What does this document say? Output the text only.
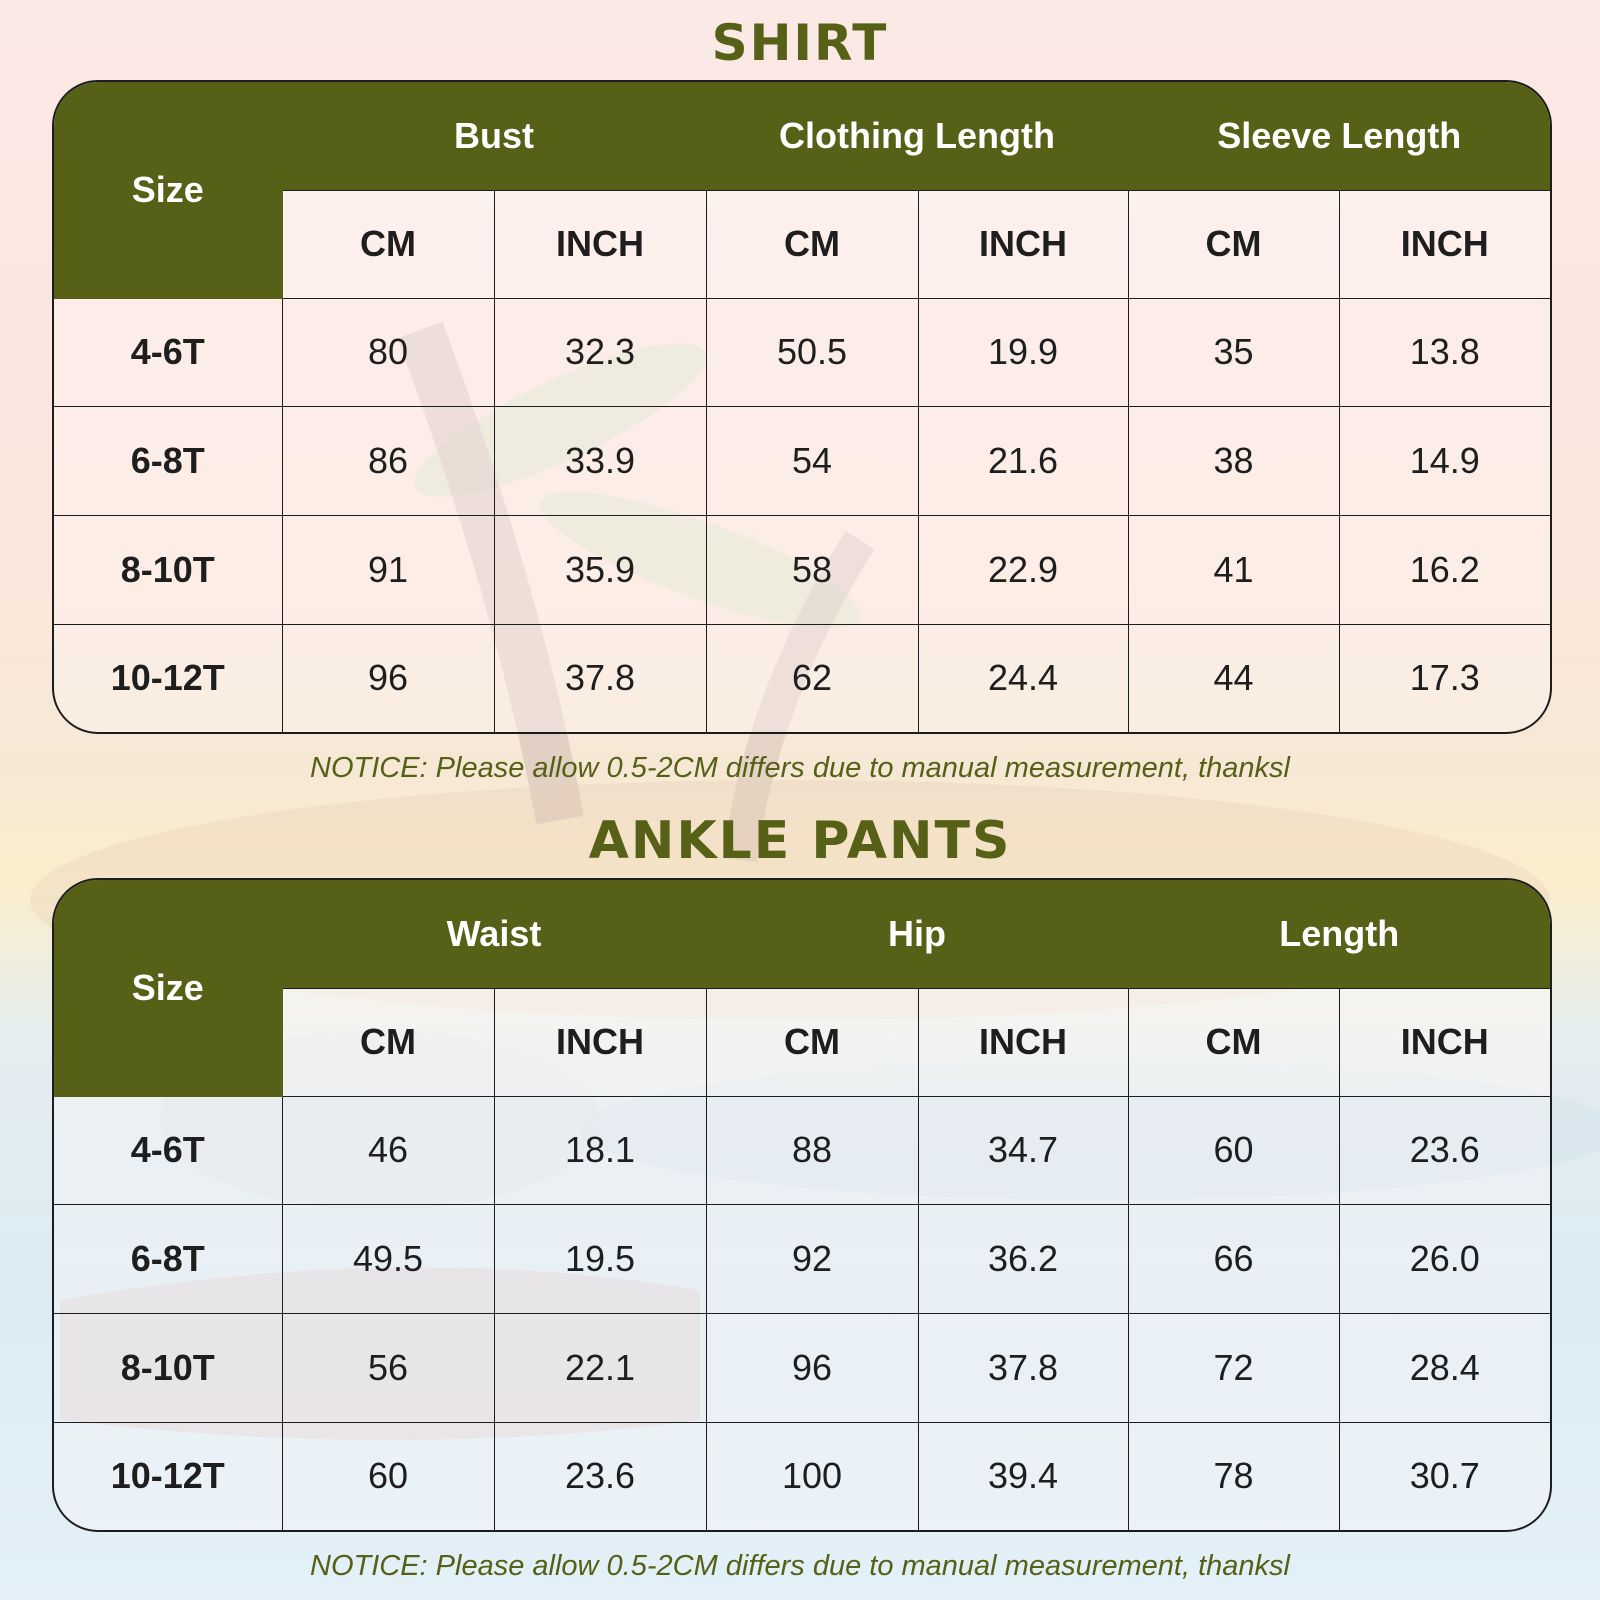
SHIRT
Size	Bust		Clothing Length		Sleeve Length	
	CM	INCH	CM	INCH	CM	INCH
4-6T	80	32.3	50.5	19.9	35	13.8
6-8T	86	33.9	54	21.6	38	14.9
8-10T	91	35.9	58	22.9	41	16.2
10-12T	96	37.8	62	24.4	44	17.3
NOTICE: Please allow 0.5-2CM differs due to manual measurement, thanksl
ANKLE PANTS
Size	Waist		Hip		Length	
	CM	INCH	CM	INCH	CM	INCH
4-6T	46	18.1	88	34.7	60	23.6
6-8T	49.5	19.5	92	36.2	66	26.0
8-10T	56	22.1	96	37.8	72	28.4
10-12T	60	23.6	100	39.4	78	30.7
NOTICE: Please allow 0.5-2CM differs due to manual measurement, thanksl
